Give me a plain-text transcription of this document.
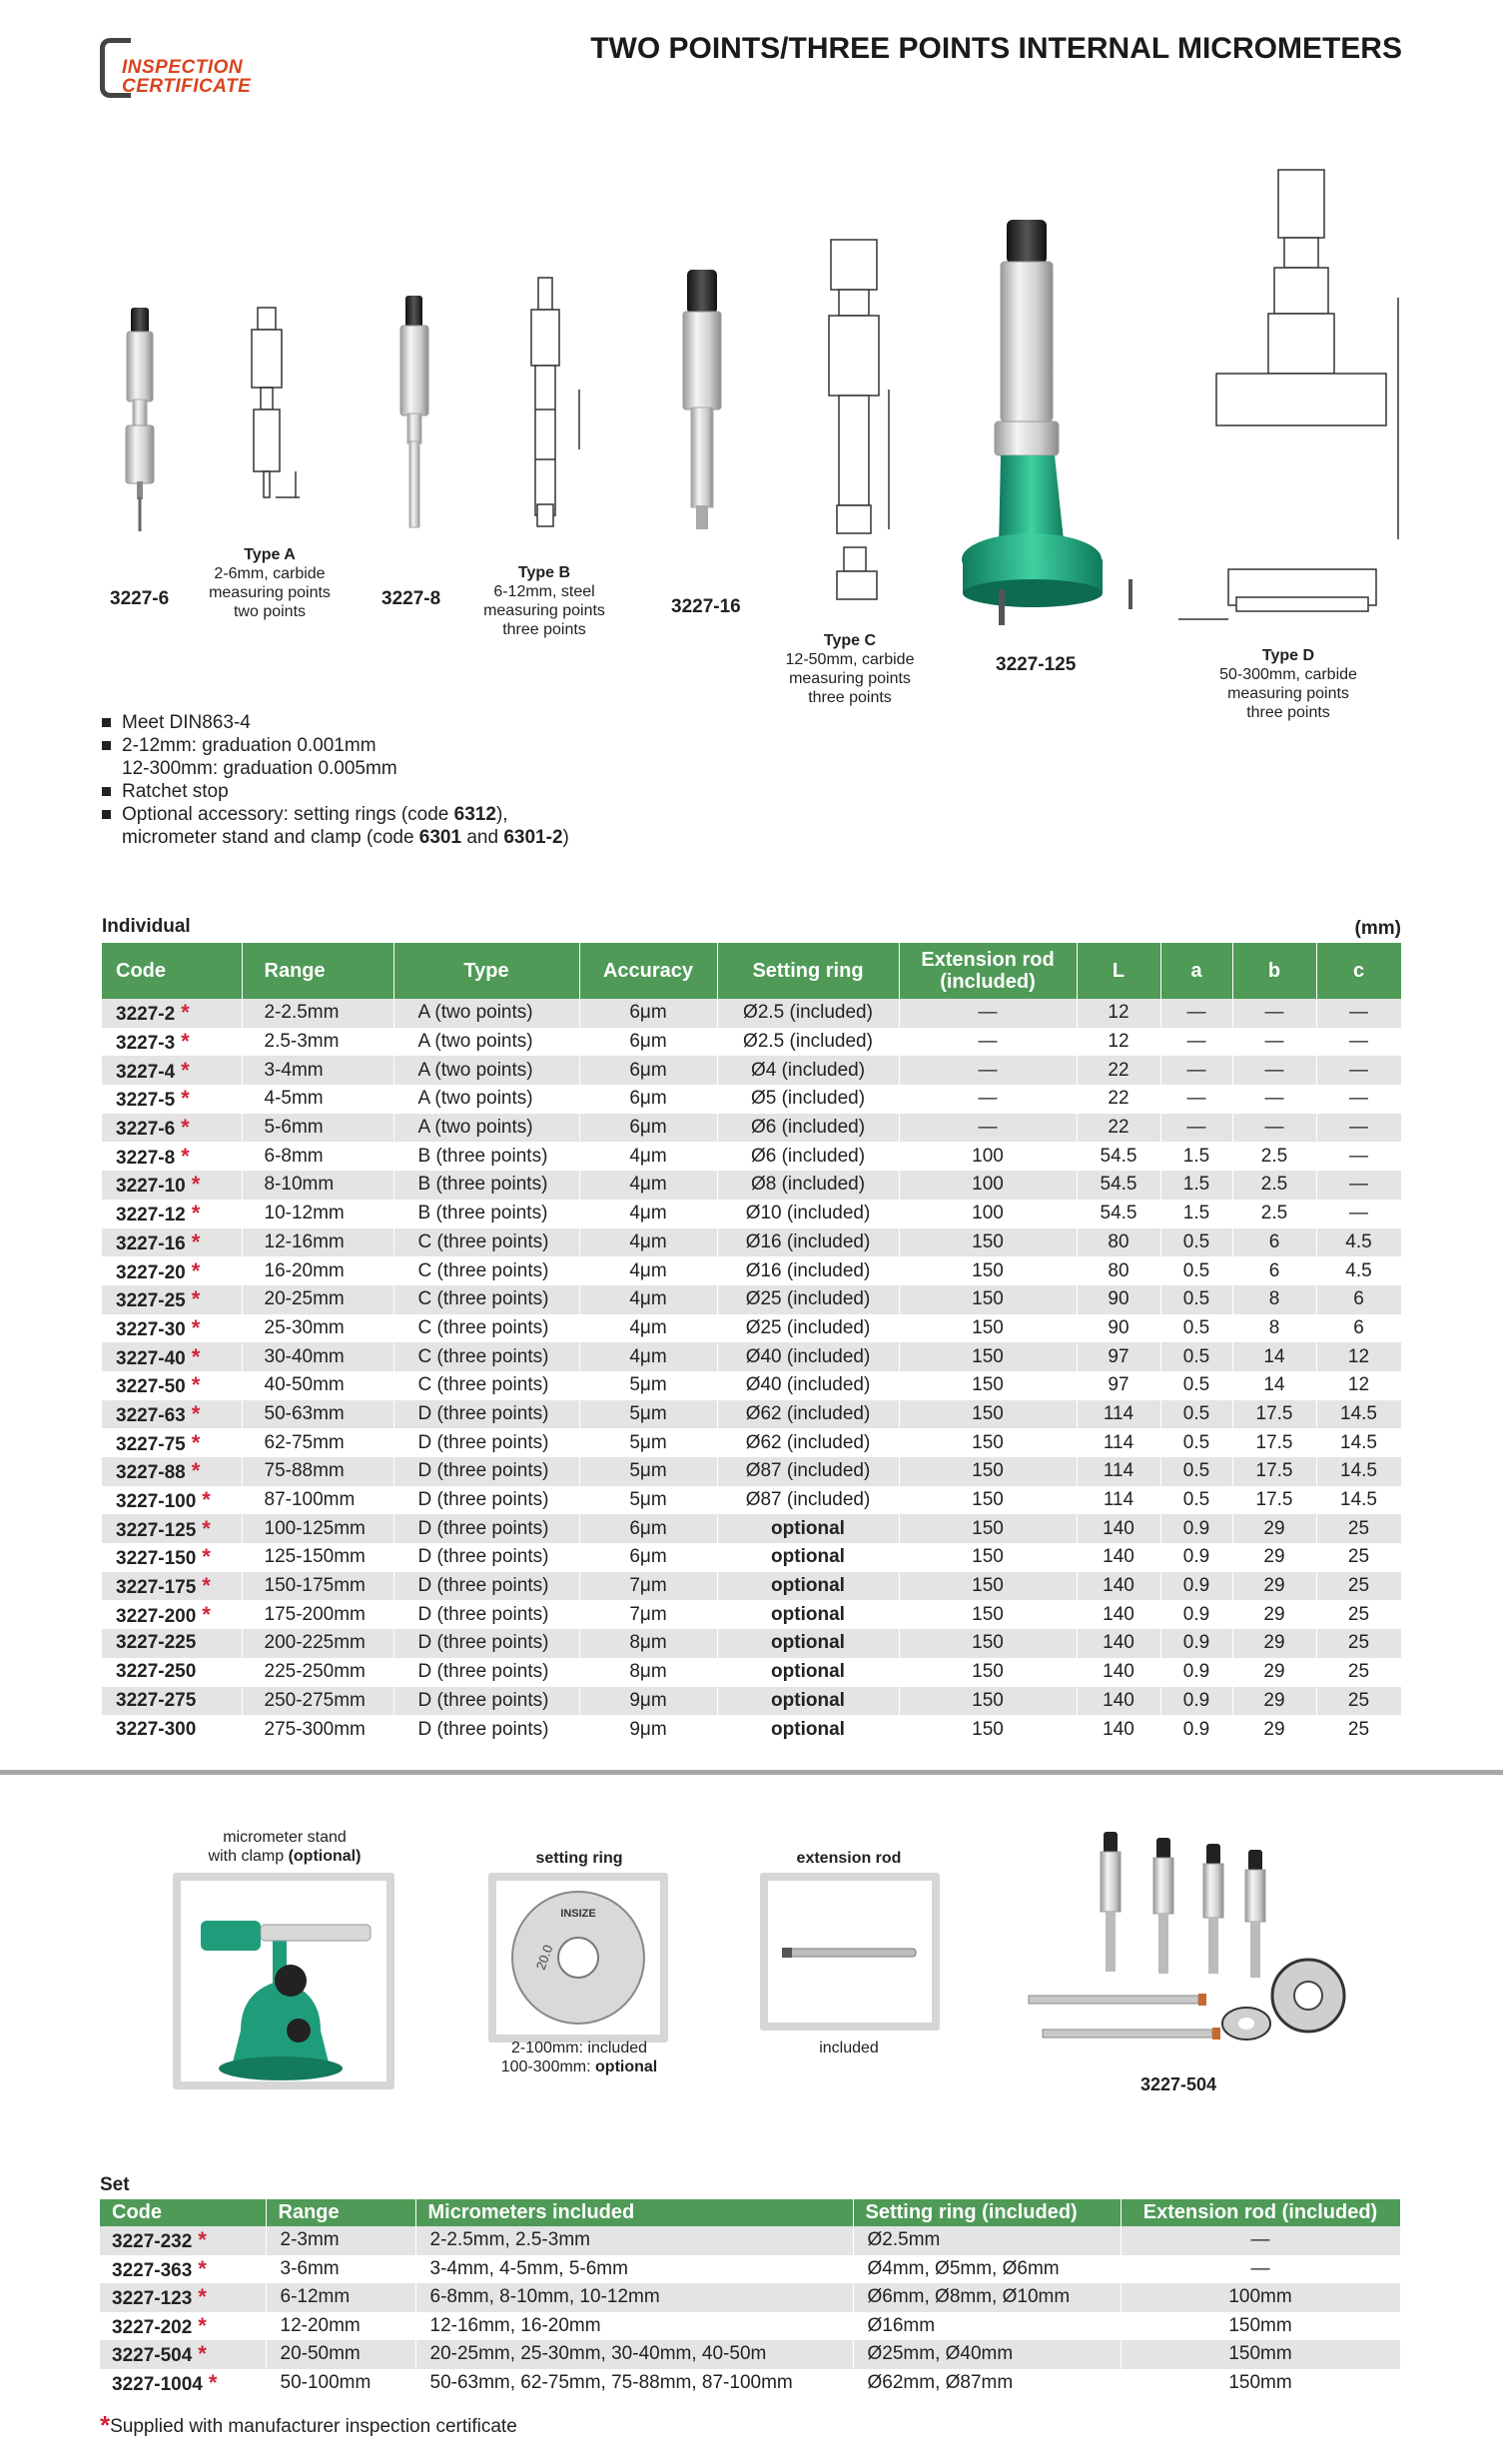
INSPECTION
CERTIFICATE
TWO POINTS/THREE POINTS INTERNAL MICROMETERS
3227-6
Type A
2-6mm, carbide
measuring points
two points
3227-8
Type B
6-12mm, steel
measuring points
three points
3227-16
Type C
12-50mm, carbide
measuring points
three points
3227-125	Type D
50-300mm, carbide
measuring points
three points
Meet DIN863-4
2-12mm: graduation 0.001mm
12-300mm: graduation 0.005mm
Ratchet stop
Optional accessory: setting rings (code 6312),
micrometer stand and clamp (code 6301 and 6301-2)
Individual	(mm)
Code	Range	Type	Accuracy	Setting ring	Extension rod
(included)	L	a	b	c
3227-2 *	2-2.5mm	A (two points)	6μm	Ø2.5 (included)	—	12	—	—	—
3227-3 *	2.5-3mm	A (two points)	6μm	Ø2.5 (included)	—	12	—	—	—
3227-4 *	3-4mm	A (two points)	6μm	Ø4 (included)	—	22	—	—	—
3227-5 *	4-5mm	A (two points)	6μm	Ø5 (included)	—	22	—	—	—
3227-6 *	5-6mm	A (two points)	6μm	Ø6 (included)	—	22	—	—	—
3227-8 *	6-8mm	B (three points)	4μm	Ø6 (included)	100	54.5	1.5	2.5	—
3227-10 *	8-10mm	B (three points)	4μm	Ø8 (included)	100	54.5	1.5	2.5	—
3227-12 *	10-12mm	B (three points)	4μm	Ø10 (included)	100	54.5	1.5	2.5	—
3227-16 *	12-16mm	C (three points)	4μm	Ø16 (included)	150	80	0.5	6	4.5
3227-20 *	16-20mm	C (three points)	4μm	Ø16 (included)	150	80	0.5	6	4.5
3227-25 *	20-25mm	C (three points)	4μm	Ø25 (included)	150	90	0.5	8	6
3227-30 *	25-30mm	C (three points)	4μm	Ø25 (included)	150	90	0.5	8	6
3227-40 *	30-40mm	C (three points)	4μm	Ø40 (included)	150	97	0.5	14	12
3227-50 *	40-50mm	C (three points)	5μm	Ø40 (included)	150	97	0.5	14	12
3227-63 *	50-63mm	D (three points)	5μm	Ø62 (included)	150	114	0.5	17.5	14.5
3227-75 *	62-75mm	D (three points)	5μm	Ø62 (included)	150	114	0.5	17.5	14.5
3227-88 *	75-88mm	D (three points)	5μm	Ø87 (included)	150	114	0.5	17.5	14.5
3227-100 *	87-100mm	D (three points)	5μm	Ø87 (included)	150	114	0.5	17.5	14.5
3227-125 *	100-125mm	D (three points)	6μm	optional	150	140	0.9	29	25
3227-150 *	125-150mm	D (three points)	6μm	optional	150	140	0.9	29	25
3227-175 *	150-175mm	D (three points)	7μm	optional	150	140	0.9	29	25
3227-200 *	175-200mm	D (three points)	7μm	optional	150	140	0.9	29	25
3227-225	200-225mm	D (three points)	8μm	optional	150	140	0.9	29	25
3227-250	225-250mm	D (three points)	8μm	optional	150	140	0.9	29	25
3227-275	250-275mm	D (three points)	9μm	optional	150	140	0.9	29	25
3227-300	275-300mm	D (three points)	9μm	optional	150	140	0.9	29	25
micrometer stand
with clamp (optional)	setting ring
INSIZE
20.0
2-100mm: included
100-300mm: optional
extension rod
included
3227-504
Set
Code	Range	Micrometers included	Setting ring (included)	Extension rod (included)
3227-232 *	2-3mm	2-2.5mm, 2.5-3mm	Ø2.5mm	—
3227-363 *	3-6mm	3-4mm, 4-5mm, 5-6mm	Ø4mm, Ø5mm, Ø6mm	—
3227-123 *	6-12mm	6-8mm, 8-10mm, 10-12mm	Ø6mm, Ø8mm, Ø10mm	100mm
3227-202 *	12-20mm	12-16mm, 16-20mm	Ø16mm	150mm
3227-504 *	20-50mm	20-25mm, 25-30mm, 30-40mm, 40-50m	Ø25mm, Ø40mm	150mm
3227-1004 *	50-100mm	50-63mm, 62-75mm, 75-88mm, 87-100mm	Ø62mm, Ø87mm	150mm
*Supplied with manufacturer inspection certificate
